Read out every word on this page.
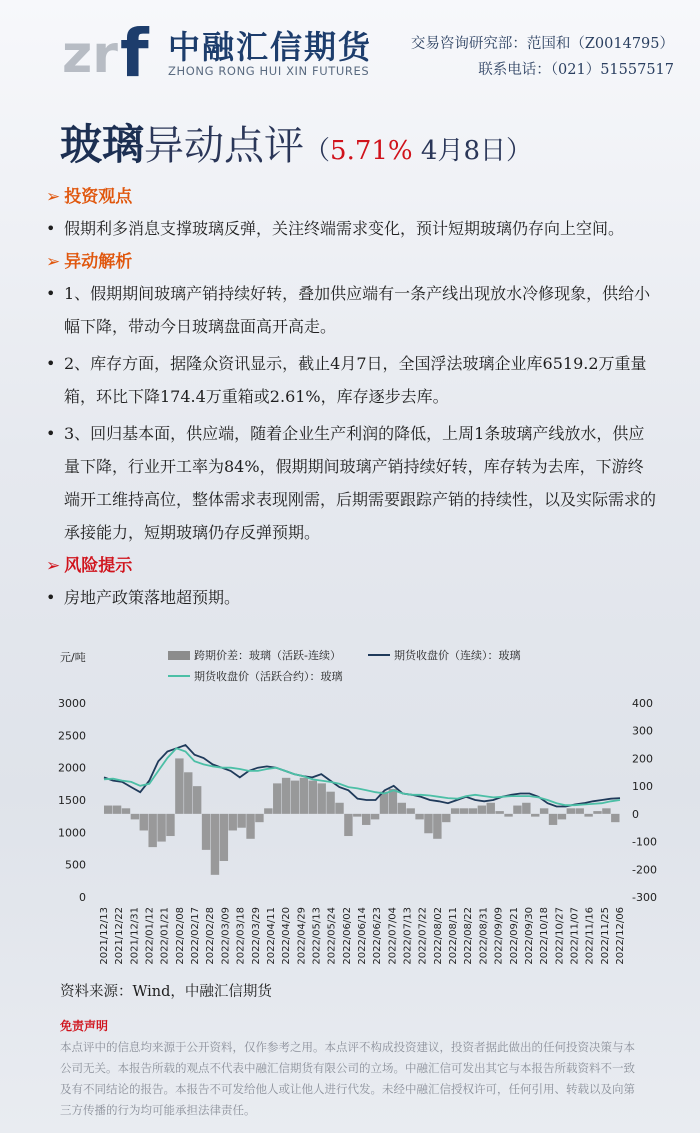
zr f 中融汇信期货
ZHONG RONG HUI XIN FUTURES
交易咨询研究部：范国和（Z0014795）
联系电话：（021）51557517
玻璃异动点评（5.71% 4月8日）
➢ 投资观点
• 假期利多消息支撑玻璃反弹，关注终端需求变化，预计短期玻璃仍存向上空间。
➢ 异动解析
• 1、假期期间玻璃产销持续好转，叠加供应端有一条产线出现放水冷修现象，供给小幅下降，带动今日玻璃盘面高开高走。
• 2、库存方面，据隆众资讯显示，截止4月7日，全国浮法玻璃企业库6519.2万重量箱，环比下降174.4万重箱或2.61%，库存逐步去库。
• 3、回归基本面，供应端，随着企业生产利润的降低，上周1条玻璃产线放水，供应量下降，行业开工率为84%，假期期间玻璃产销持续好转，库存转为去库，下游终端开工维持高位，整体需求表现刚需，后期需要跟踪产销的持续性，以及实际需求的承接能力，短期玻璃仍存反弹预期。
➢ 风险提示
• 房地产政策落地超预期。
元/吨	跨期价差：玻璃（活跃-连续）	期货收盘价（连续）：玻璃
期货收盘价（活跃合约）：玻璃
0
500
1000
1500
2000
2500
3000
-300
-200
-100
0
100
200
300
400
2021/12/13 2021/12/22 2021/12/31 2022/01/12 2022/01/21 2022/02/08 2022/02/17 2022/02/28 2022/03/09 2022/03/18 2022/03/29 2022/04/11 2022/04/20 2022/04/29 2022/05/13 2022/05/24 2022/06/02 2022/06/14 2022/06/23 2022/07/04 2022/07/13 2022/07/22 2022/08/02 2022/08/11 2022/08/22 2022/08/31 2022/09/09 2022/09/21 2022/09/30 2022/10/18 2022/10/27 2022/11/07 2022/11/16 2022/11/25 2022/12/06
资料来源：Wind，中融汇信期货
免责声明
本点评中的信息均来源于公开资料，仅作参考之用。本点评不构成投资建议，投资者据此做出的任何投资决策与本公司无关。本报告所载的观点不代表中融汇信期货有限公司的立场。中融汇信可发出其它与本报告所载资料不一致及有不同结论的报告。本报告不可发给他人或让他人进行代发。未经中融汇信授权许可，任何引用、转载以及向第三方传播的行为均可能承担法律责任。
